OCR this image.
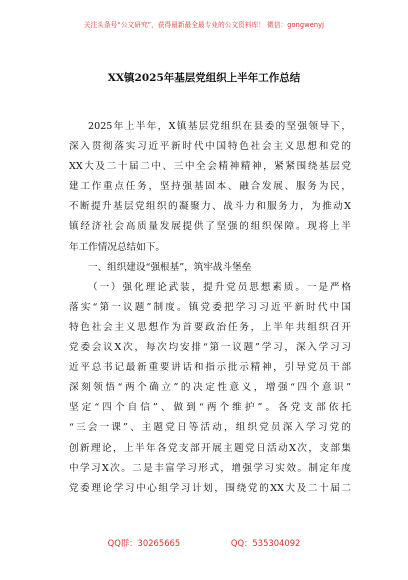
关注头条号“公文研究”，获得最新最全最专业的公文资料库！ 微信：gongwenyj
XX镇2025年基层党组织上半年工作总结
2025年上半年，X镇基层党组织在县委的坚强领导下，
深入贯彻落实习近平新时代中国特色社会主义思想和党的
XX大及二十届二中、三中全会精神精神，紧紧围绕基层党
建工作重点任务，坚持强基固本、融合发展、服务为民，
不断提升基层党组织的凝聚力、战斗力和服务力，为推动X
镇经济社会高质量发展提供了坚强的组织保障。现将上半
年工作情况总结如下。
一、组织建设“强根基”，筑牢战斗堡垒
（一）强化理论武装，提升党员思想素质。一是严格
落实“第一议题”制度。镇党委把学习习近平新时代中国
特色社会主义思想作为首要政治任务，上半年共组织召开
党委会议X次，每次均安排“第一议题”学习，深入学习习
近平总书记最新重要讲话和指示批示精神，引导党员干部
深刻领悟“两个确立”的决定性意义，增强“四个意识”
坚定“四个自信”、做到“两个维护”。各党支部依托
“三会一课”、主题党日等活动，组织党员深入学习党的
创新理论，上半年各党支部开展主题党日活动X次，支部集
中学习X次。二是丰富学习形式，增强学习实效。制定年度
党委理论学习中心组学习计划，围绕党的XX大及二十届二
QQ群：30265665	QQ：535304092
